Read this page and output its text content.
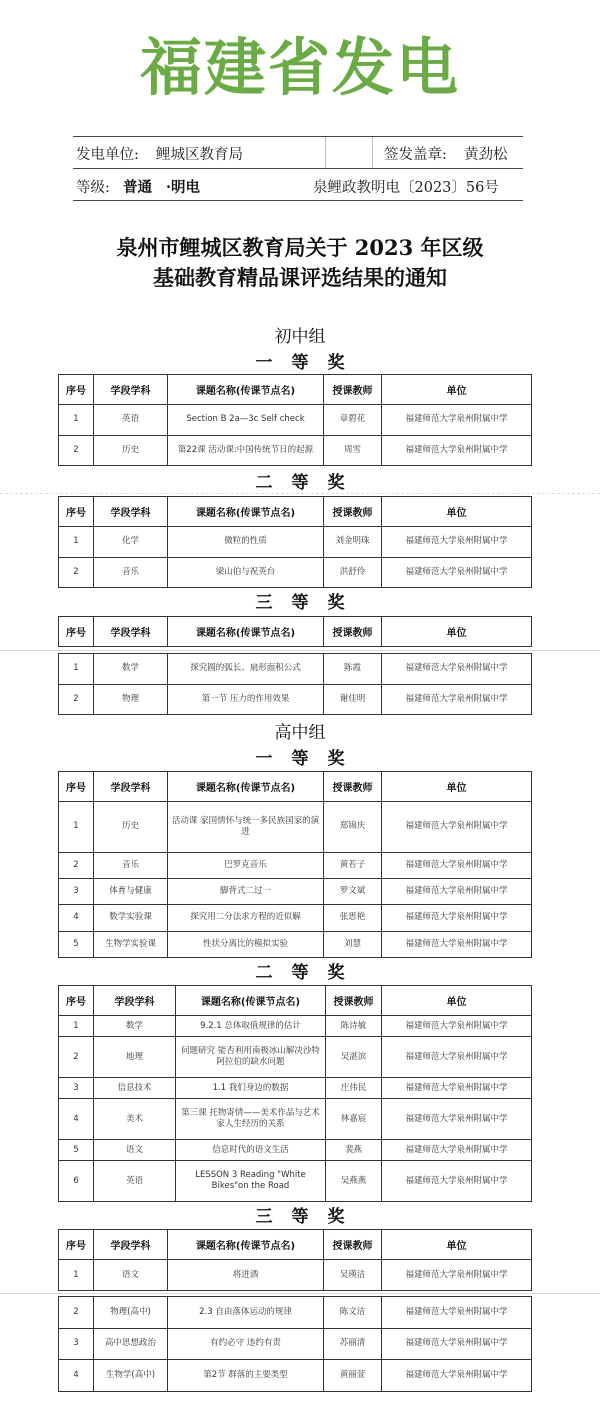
福建省发电
发电单位: 鲤城区教育局	签发盖章: 黄劲松
等级: 普通 ·明电	泉鲤政教明电〔2023〕56号
泉州市鲤城区教育局关于 2023 年区级
基础教育精品课评选结果的通知
初中组
一等奖
序号	学段学科	课题名称(传课节点名)	授课教师	单位
1	英语	Section B 2a—3c Self check	章碧花	福建师范大学泉州附属中学
2	历史	第22课 活动课:中国传统节日的起源	周雪	福建师范大学泉州附属中学
二等奖
序号	学段学科	课题名称(传课节点名)	授课教师	单位
1	化学	微粒的性质	刘金明珠	福建师范大学泉州附属中学
2	音乐	梁山伯与祝英台	洪舒伶	福建师范大学泉州附属中学
三等奖
序号	学段学科	课题名称(传课节点名)	授课教师	单位
1	数学	探究圆的弧长、扇形面积公式	陈霞	福建师范大学泉州附属中学
2	物理	第一节 压力的作用效果	谢佳明	福建师范大学泉州附属中学
高中组
一等奖
序号	学段学科	课题名称(传课节点名)	授课教师	单位
1	历史	活动课 家国情怀与统一多民族国家的演进	郑锦庆	福建师范大学泉州附属中学
2	音乐	巴罗克音乐	黄若子	福建师范大学泉州附属中学
3	体育与健康	脚背式二过一	罗文斌	福建师范大学泉州附属中学
4	数学实验课	探究用二分法求方程的近似解	张思艳	福建师范大学泉州附属中学
5	生物学实验课	性状分离比的模拟实验	刘慧	福建师范大学泉州附属中学
二等奖
序号	学段学科	课题名称(传课节点名)	授课教师	单位
1	数学	9.2.1 总体取值规律的估计	陈诗敏	福建师范大学泉州附属中学
2	地理	问题研究 能否利用南极冰山解决沙特阿拉伯的缺水问题	吴湛滨	福建师范大学泉州附属中学
3	信息技术	1.1 我们身边的数据	庄伟民	福建师范大学泉州附属中学
4	美术	第三课 托物寄情——美术作品与艺术家人生经历的关系	林嘉宸	福建师范大学泉州附属中学
5	语文	信息时代的语文生活	裴燕	福建师范大学泉州附属中学
6	英语	LESSON 3 Reading "White Bikes"on the Road	吴燕燕	福建师范大学泉州附属中学
三等奖
序号	学段学科	课题名称(传课节点名)	授课教师	单位
1	语文	将进酒	吴瑛洁	福建师范大学泉州附属中学
2	物理(高中)	2.3 自由落体运动的规律	陈文洁	福建师范大学泉州附属中学
3	高中思想政治	有约必守 违约有责	苏丽清	福建师范大学泉州附属中学
4	生物学(高中)	第2节 群落的主要类型	黄丽萱	福建师范大学泉州附属中学
